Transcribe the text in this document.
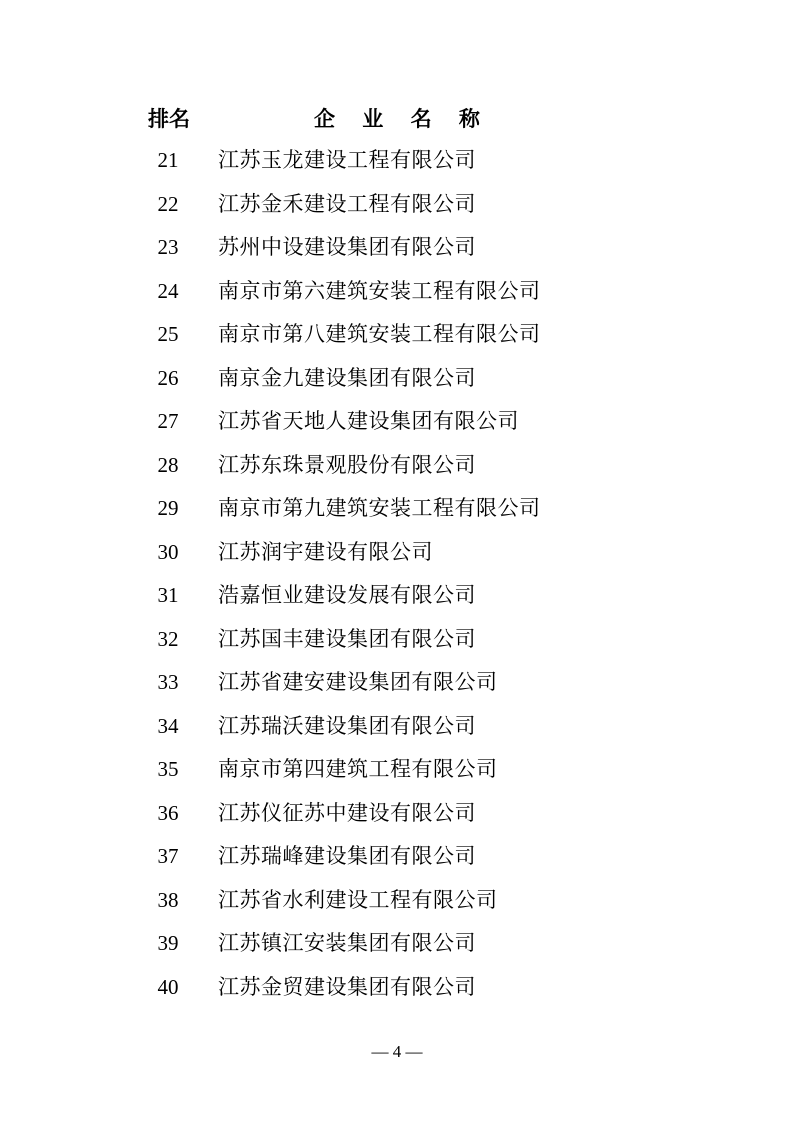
排名	企 业 名 称
21	江苏玉龙建设工程有限公司
22	江苏金禾建设工程有限公司
23	苏州中设建设集团有限公司
24	南京市第六建筑安装工程有限公司
25	南京市第八建筑安装工程有限公司
26	南京金九建设集团有限公司
27	江苏省天地人建设集团有限公司
28	江苏东珠景观股份有限公司
29	南京市第九建筑安装工程有限公司
30	江苏润宇建设有限公司
31	浩嘉恒业建设发展有限公司
32	江苏国丰建设集团有限公司
33	江苏省建安建设集团有限公司
34	江苏瑞沃建设集团有限公司
35	南京市第四建筑工程有限公司
36	江苏仪征苏中建设有限公司
37	江苏瑞峰建设集团有限公司
38	江苏省水利建设工程有限公司
39	江苏镇江安装集团有限公司
40	江苏金贸建设集团有限公司
— 4 —
